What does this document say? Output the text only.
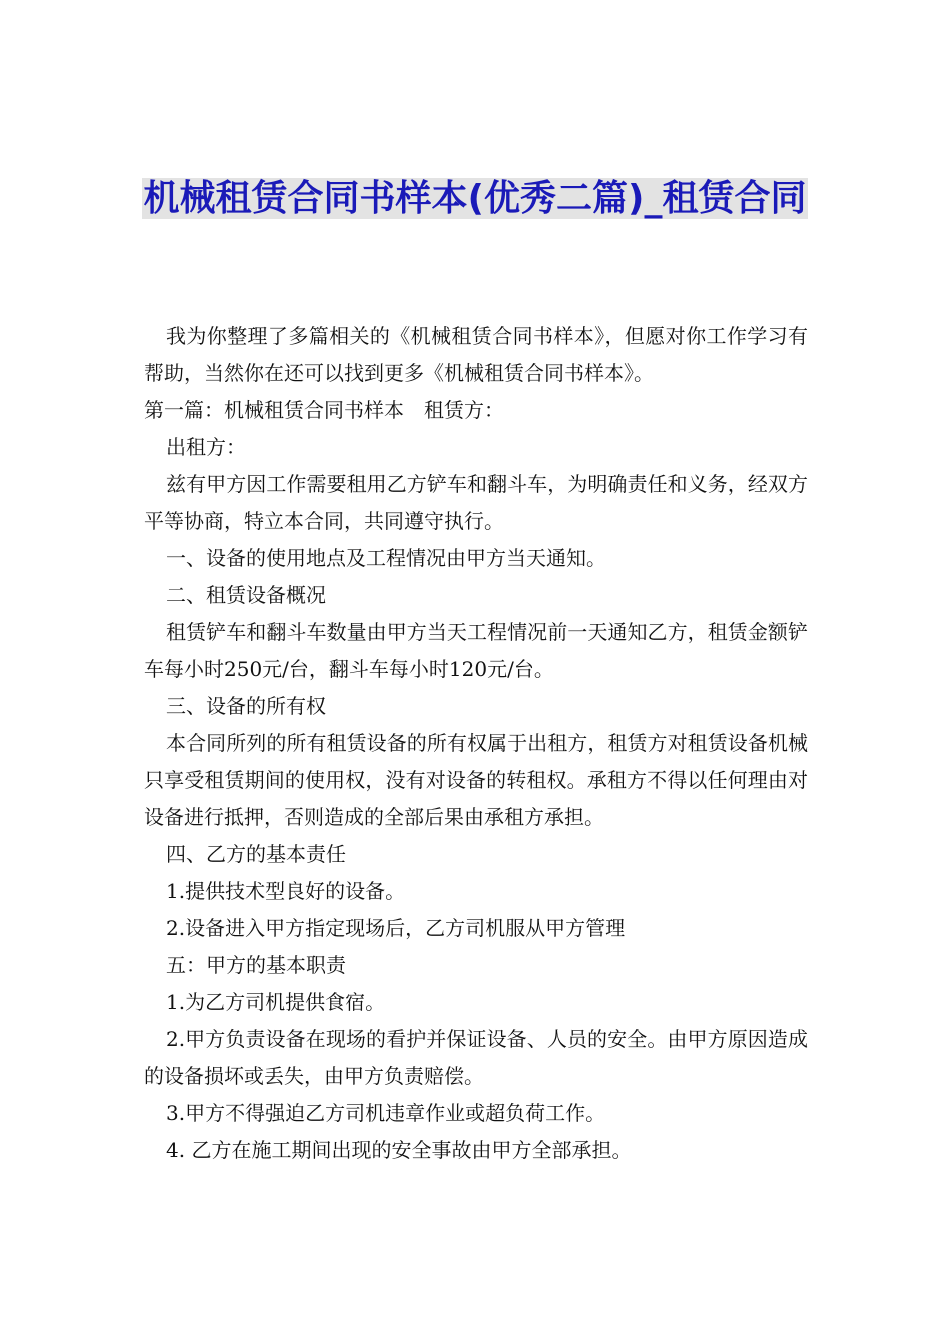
机械租赁合同书样本(优秀二篇)_租赁合同

我为你整理了多篇相关的《机械租赁合同书样本》，但愿对你工作学习有帮助，当然你在还可以找到更多《机械租赁合同书样本》。

第一篇：机械租赁合同书样本　租赁方：

出租方：

兹有甲方因工作需要租用乙方铲车和翻斗车，为明确责任和义务，经双方平等协商，特立本合同，共同遵守执行。

一、设备的使用地点及工程情况由甲方当天通知。

二、租赁设备概况

租赁铲车和翻斗车数量由甲方当天工程情况前一天通知乙方，租赁金额铲车每小时250元/台，翻斗车每小时120元/台。

三、设备的所有权

本合同所列的所有租赁设备的所有权属于出租方，租赁方对租赁设备机械只享受租赁期间的使用权，没有对设备的转租权。承租方不得以任何理由对设备进行抵押，否则造成的全部后果由承租方承担。

四、乙方的基本责任

1.提供技术型良好的设备。

2.设备进入甲方指定现场后，乙方司机服从甲方管理

五：甲方的基本职责

1.为乙方司机提供食宿。

2.甲方负责设备在现场的看护并保证设备、人员的安全。由甲方原因造成的设备损坏或丢失，由甲方负责赔偿。

3.甲方不得强迫乙方司机违章作业或超负荷工作。

4. 乙方在施工期间出现的安全事故由甲方全部承担。
